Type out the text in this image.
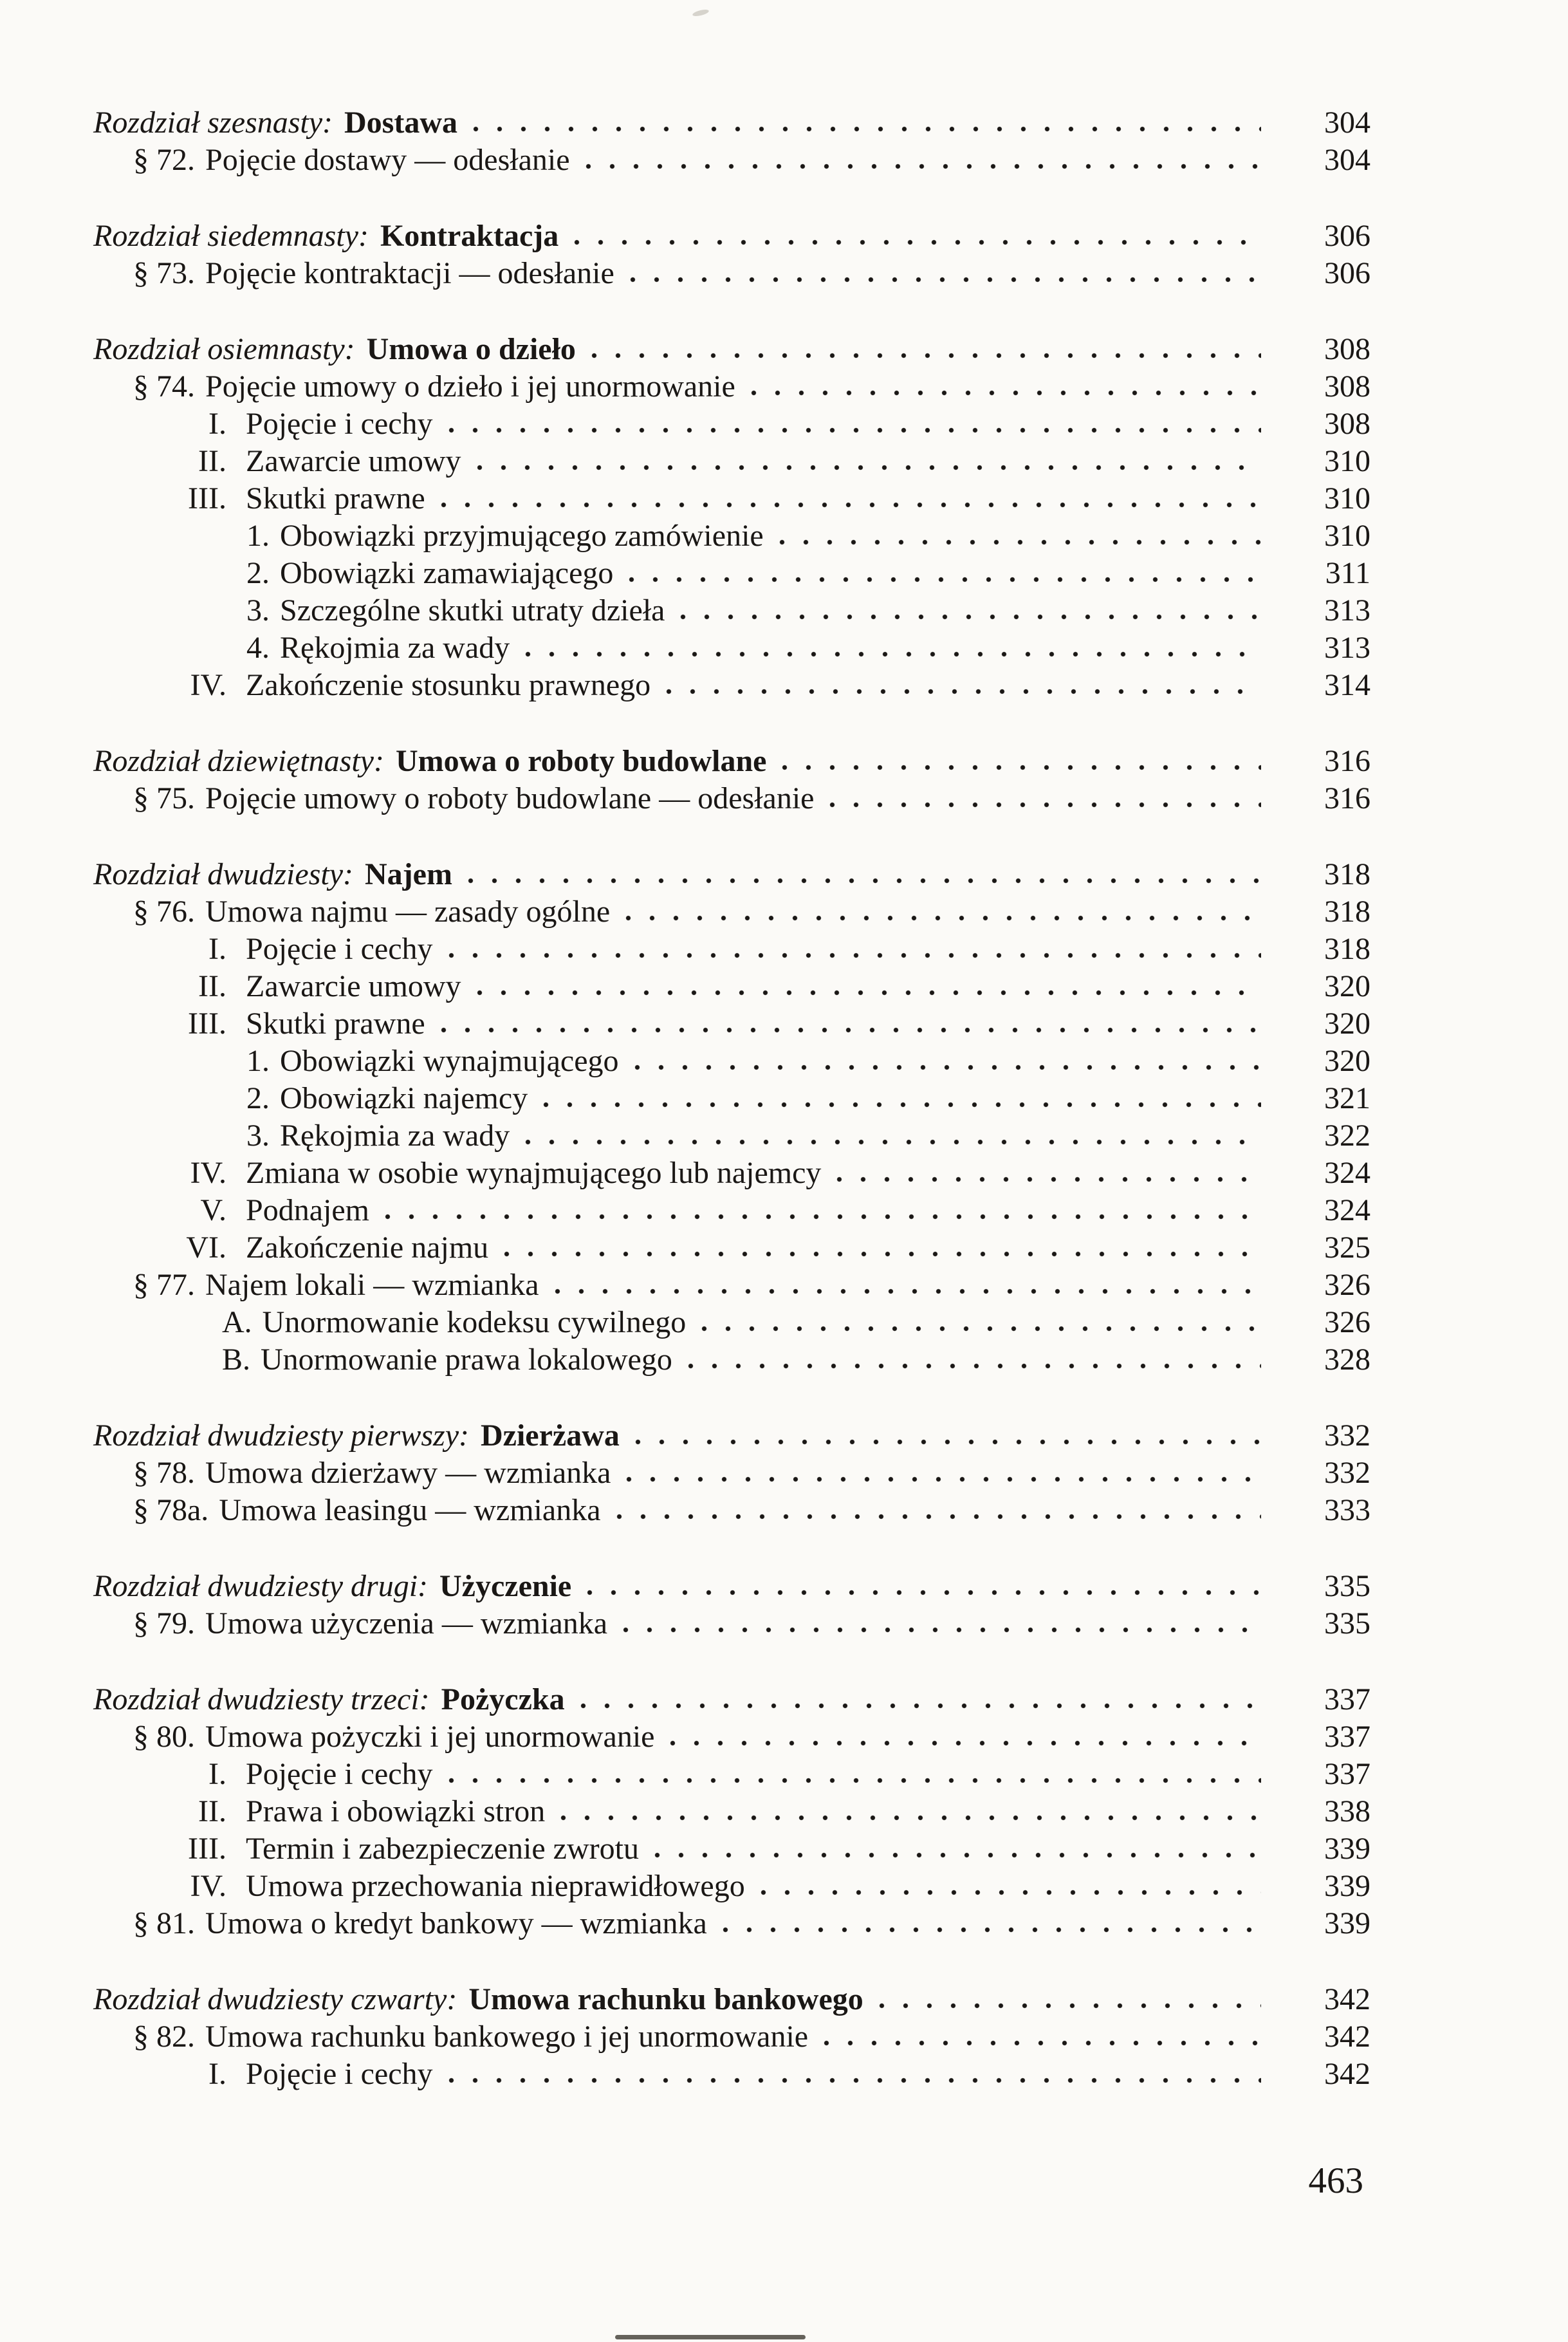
Rozdział szesnasty: Dostawa	304
§ 72. Pojęcie dostawy — odesłanie	304
Rozdział siedemnasty: Kontraktacja	306
§ 73. Pojęcie kontraktacji — odesłanie	306
Rozdział osiemnasty: Umowa o dzieło	308
§ 74. Pojęcie umowy o dzieło i jej unormowanie	308
I. Pojęcie i cechy	308
II. Zawarcie umowy	310
III. Skutki prawne	310
1. Obowiązki przyjmującego zamówienie	310
2. Obowiązki zamawiającego	311
3. Szczególne skutki utraty dzieła	313
4. Rękojmia za wady	313
IV. Zakończenie stosunku prawnego	314
Rozdział dziewiętnasty: Umowa o roboty budowlane	316
§ 75. Pojęcie umowy o roboty budowlane — odesłanie	316
Rozdział dwudziesty: Najem	318
§ 76. Umowa najmu — zasady ogólne	318
I. Pojęcie i cechy	318
II. Zawarcie umowy	320
III. Skutki prawne	320
1. Obowiązki wynajmującego	320
2. Obowiązki najemcy	321
3. Rękojmia za wady	322
IV. Zmiana w osobie wynajmującego lub najemcy	324
V. Podnajem	324
VI. Zakończenie najmu	325
§ 77. Najem lokali — wzmianka	326
A. Unormowanie kodeksu cywilnego	326
B. Unormowanie prawa lokalowego	328
Rozdział dwudziesty pierwszy: Dzierżawa	332
§ 78. Umowa dzierżawy — wzmianka	332
§ 78a. Umowa leasingu — wzmianka	333
Rozdział dwudziesty drugi: Użyczenie	335
§ 79. Umowa użyczenia — wzmianka	335
Rozdział dwudziesty trzeci: Pożyczka	337
§ 80. Umowa pożyczki i jej unormowanie	337
I. Pojęcie i cechy	337
II. Prawa i obowiązki stron	338
III. Termin i zabezpieczenie zwrotu	339
IV. Umowa przechowania nieprawidłowego	339
§ 81. Umowa o kredyt bankowy — wzmianka	339
Rozdział dwudziesty czwarty: Umowa rachunku bankowego	342
§ 82. Umowa rachunku bankowego i jej unormowanie	342
I. Pojęcie i cechy	342
463
